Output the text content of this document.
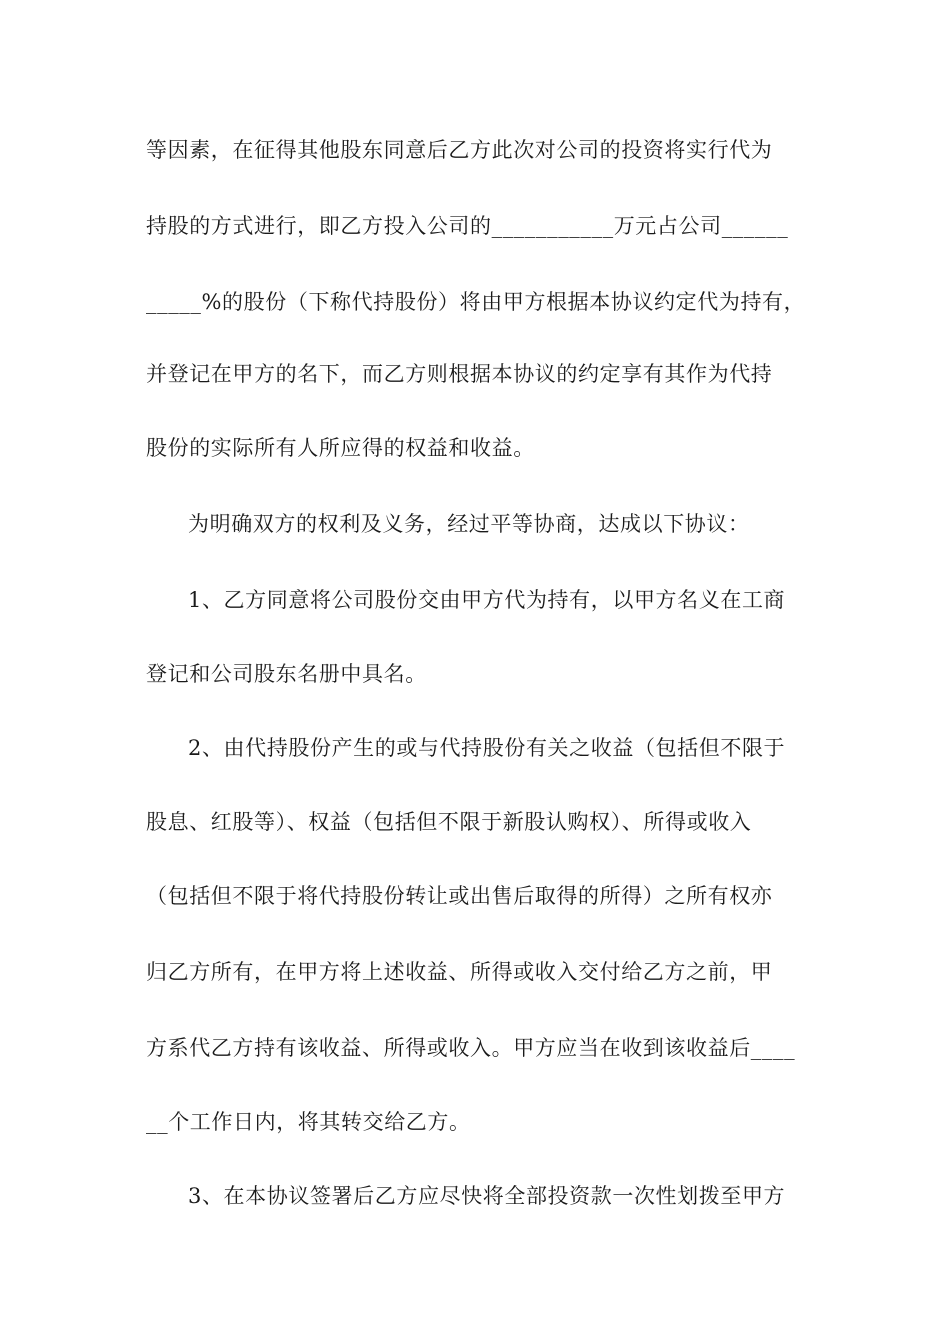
等因素，在征得其他股东同意后乙方此次对公司的投资将实行代为
持股的方式进行，即乙方投入公司的___________万元占公司______
_____%的股份（下称代持股份）将由甲方根据本协议约定代为持有，
并登记在甲方的名下，而乙方则根据本协议的约定享有其作为代持
股份的实际所有人所应得的权益和收益。
为明确双方的权利及义务，经过平等协商，达成以下协议：
1、乙方同意将公司股份交由甲方代为持有，以甲方名义在工商
登记和公司股东名册中具名。
2、由代持股份产生的或与代持股份有关之收益（包括但不限于
股息、红股等）、权益（包括但不限于新股认购权）、所得或收入
（包括但不限于将代持股份转让或出售后取得的所得）之所有权亦
归乙方所有，在甲方将上述收益、所得或收入交付给乙方之前，甲
方系代乙方持有该收益、所得或收入。甲方应当在收到该收益后____
__个工作日内，将其转交给乙方。
3、在本协议签署后乙方应尽快将全部投资款一次性划拨至甲方
